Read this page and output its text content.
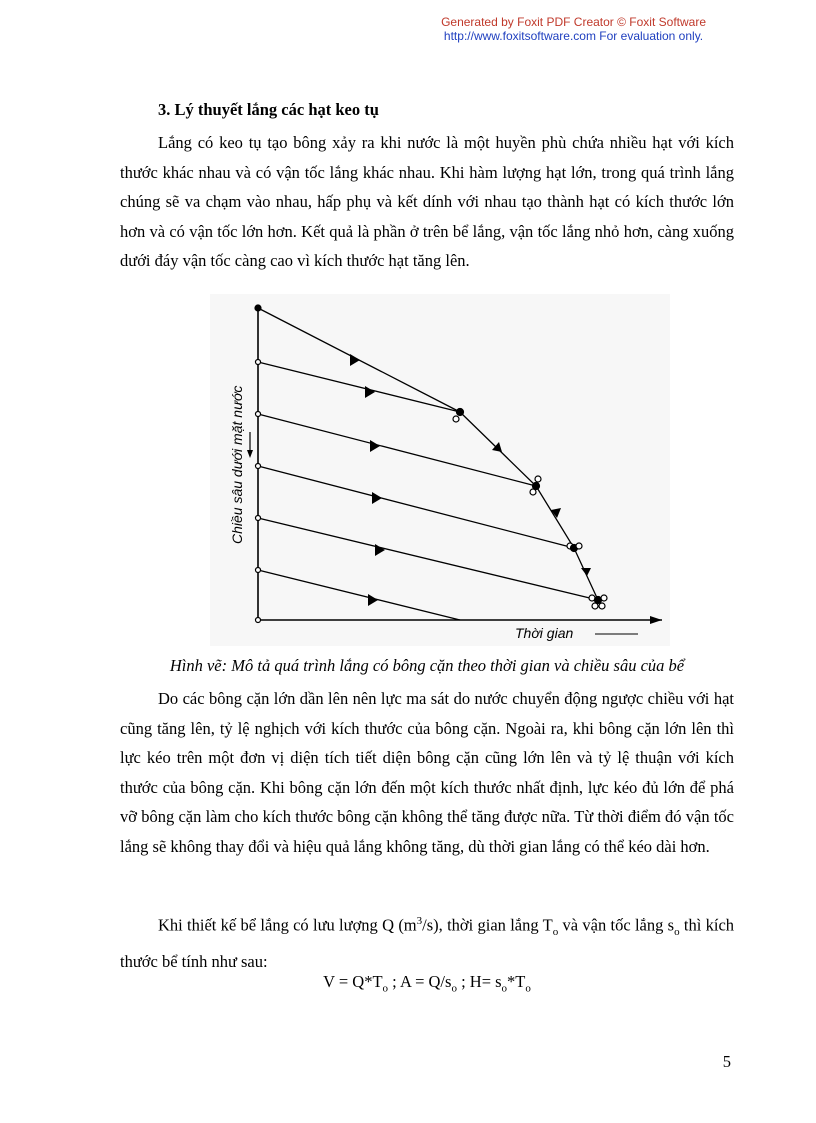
Generated by Foxit PDF Creator © Foxit Software
http://www.foxitsoftware.com For evaluation only.
3. Lý thuyết lắng các hạt keo tụ

Lắng có keo tụ tạo bông xảy ra khi nước là một huyền phù chứa nhiều hạt với kích thước khác nhau và có vận tốc lắng khác nhau. Khi hàm lượng hạt lớn, trong quá trình lắng chúng sẽ va chạm vào nhau, hấp phụ và kết dính với nhau tạo thành hạt có kích thước lớn hơn và có vận tốc lớn hơn. Kết quả là phần ở trên bể lắng, vận tốc lắng nhỏ hơn, càng xuống dưới đáy vận tốc càng cao vì kích thước hạt tăng lên.

Chiều sâu dưới mặt nước
Thời gian
Hình vẽ: Mô tả quá trình lắng có bông cặn theo thời gian và chiều sâu của bể

Do các bông cặn lớn dần lên nên lực ma sát do nước chuyển động ngược chiều với hạt cũng tăng lên, tỷ lệ nghịch với kích thước của bông cặn. Ngoài ra, khi bông cặn lớn lên thì lực kéo trên một đơn vị diện tích tiết diện bông cặn cũng lớn lên và tỷ lệ thuận với kích thước của bông cặn. Khi bông cặn lớn đến một kích thước nhất định, lực kéo đủ lớn để phá vỡ bông cặn làm cho kích thước bông cặn không thể tăng được nữa. Từ thời điểm đó vận tốc lắng sẽ không thay đổi và hiệu quả lắng không tăng, dù thời gian lắng có thể kéo dài hơn.

Khi thiết kế bể lắng có lưu lượng Q $(m^3/s)$, thời gian lắng $T_o$ và vận tốc lắng $s_o$ thì kích thước bể tính như sau:

$V = Q*T_o$ ; $A = Q/s_o$ ; $H= s_o*T_o$
5
